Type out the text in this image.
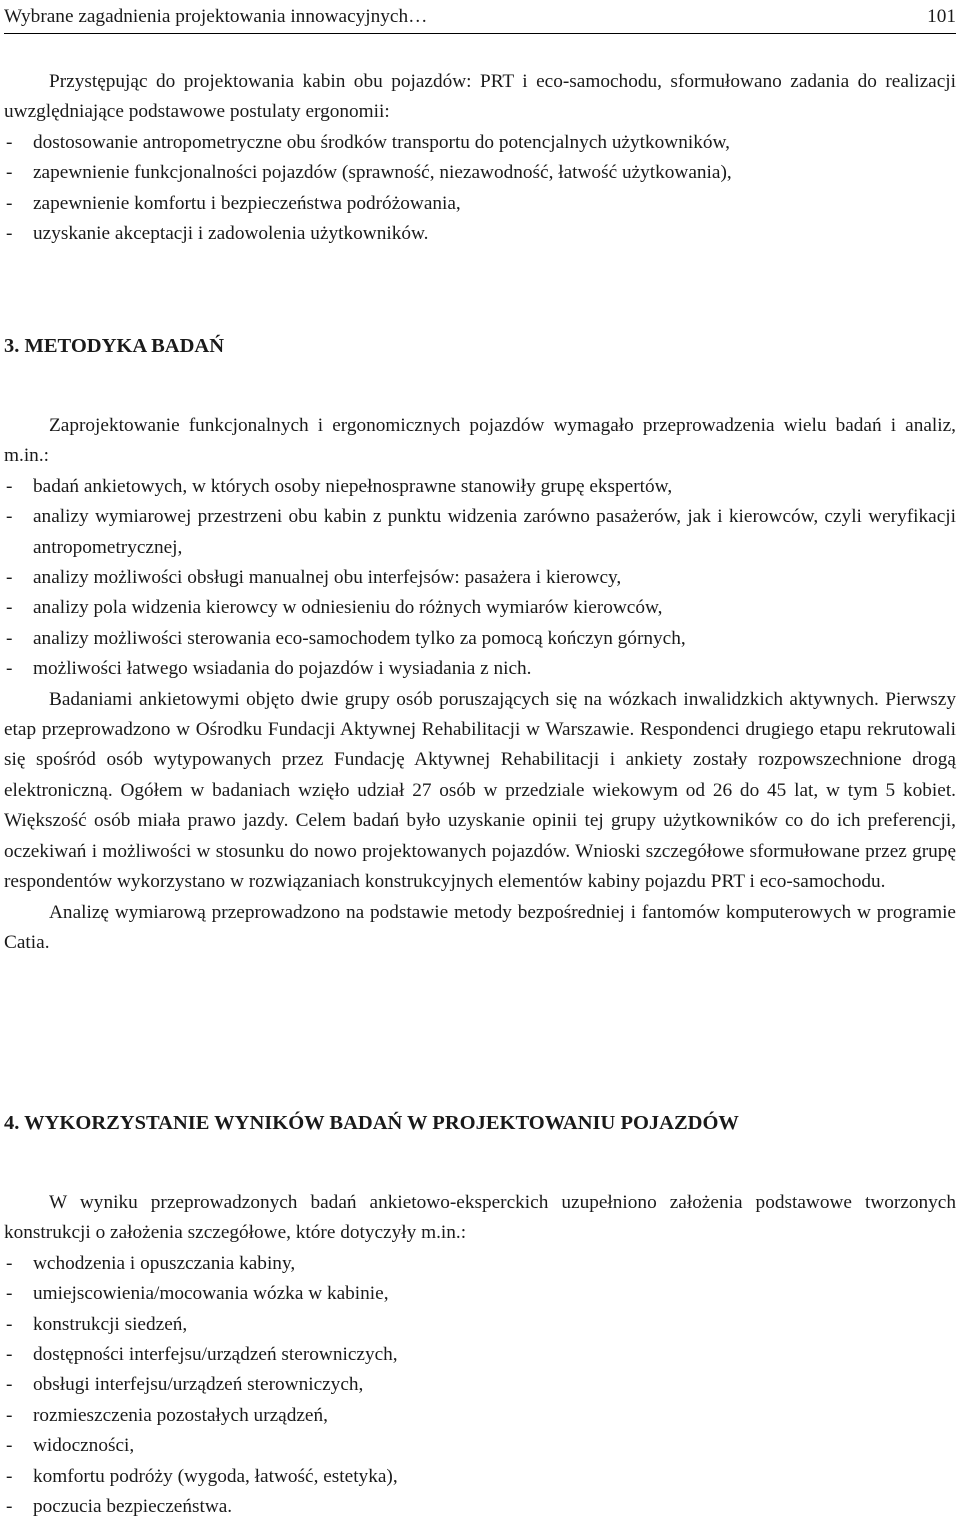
Wybrane zagadnienia projektowania innowacyjnych…	101

Przystępując do projektowania kabin obu pojazdów: PRT i eco-samochodu, sformułowano zadania do realizacji uwzględniające podstawowe postulaty ergonomii:

- dostosowanie antropometryczne obu środków transportu do potencjalnych użytkowników,
- zapewnienie funkcjonalności pojazdów (sprawność, niezawodność, łatwość użytkowania),
- zapewnienie komfortu i bezpieczeństwa podróżowania,
- uzyskanie akceptacji i zadowolenia użytkowników.
3. METODYKA BADAŃ

Zaprojektowanie funkcjonalnych i ergonomicznych pojazdów wymagało przeprowadzenia wielu badań i analiz, m.in.:

- badań ankietowych, w których osoby niepełnosprawne stanowiły grupę ekspertów,
- analizy wymiarowej przestrzeni obu kabin z punktu widzenia zarówno pasażerów, jak i kierowców, czyli weryfikacji antropometrycznej,
- analizy możliwości obsługi manualnej obu interfejsów: pasażera i kierowcy,
- analizy pola widzenia kierowcy w odniesieniu do różnych wymiarów kierowców,
- analizy możliwości sterowania eco-samochodem tylko za pomocą kończyn górnych,
- możliwości łatwego wsiadania do pojazdów i wysiadania z nich.

Badaniami ankietowymi objęto dwie grupy osób poruszających się na wózkach inwalidzkich aktywnych. Pierwszy etap przeprowadzono w Ośrodku Fundacji Aktywnej Rehabilitacji w Warszawie. Respondenci drugiego etapu rekrutowali się spośród osób wytypowanych przez Fundację Aktywnej Rehabilitacji i ankiety zostały rozpowszechnione drogą elektroniczną. Ogółem w badaniach wzięło udział 27 osób w przedziale wiekowym od 26 do 45 lat, w tym 5 kobiet. Większość osób miała prawo jazdy. Celem badań było uzyskanie opinii tej grupy użytkowników co do ich preferencji, oczekiwań i możliwości w stosunku do nowo projektowanych pojazdów. Wnioski szczegółowe sformułowane przez grupę respondentów wykorzystano w rozwiązaniach konstrukcyjnych elementów kabiny pojazdu PRT i eco-samochodu.

Analizę wymiarową przeprowadzono na podstawie metody bezpośredniej i fantomów komputerowych w programie Catia.

4. WYKORZYSTANIE WYNIKÓW BADAŃ W PROJEKTOWANIU POJAZDÓW

W wyniku przeprowadzonych badań ankietowo-eksperckich uzupełniono założenia podstawowe tworzonych konstrukcji o założenia szczegółowe, które dotyczyły m.in.:

- wchodzenia i opuszczania kabiny,
- umiejscowienia/mocowania wózka w kabinie,
- konstrukcji siedzeń,
- dostępności interfejsu/urządzeń sterowniczych,
- obsługi interfejsu/urządzeń sterowniczych,
- rozmieszczenia pozostałych urządzeń,
- widoczności,
- komfortu podróży (wygoda, łatwość, estetyka),
- poczucia bezpieczeństwa.
